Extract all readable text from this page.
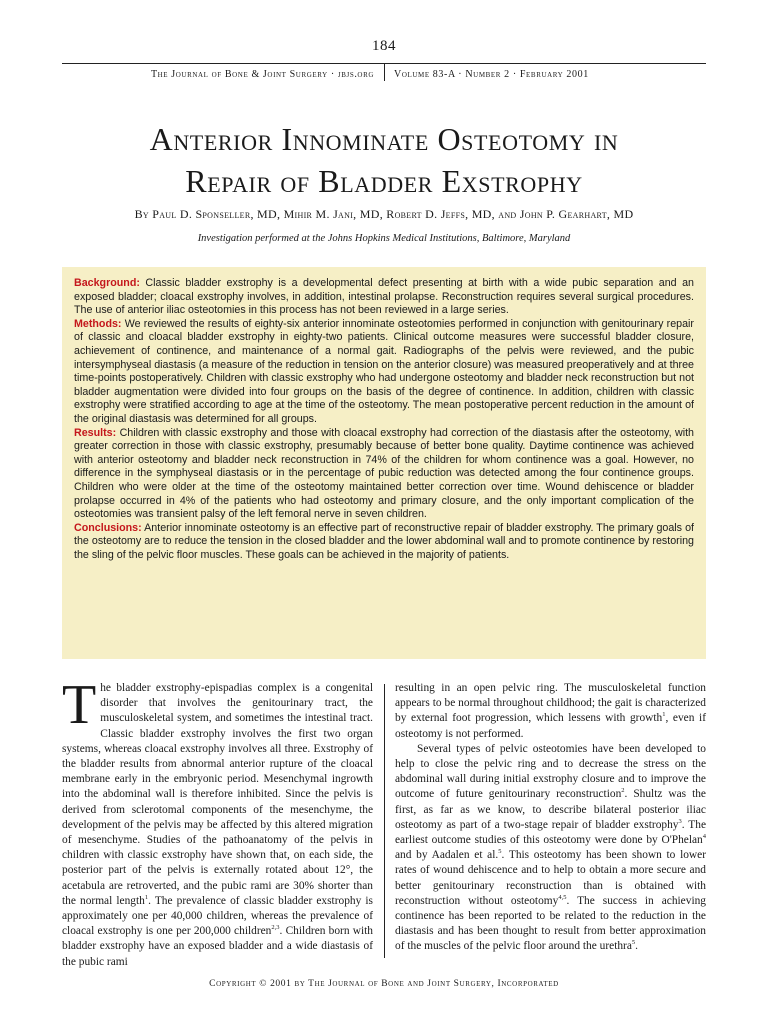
184
The Journal of Bone & Joint Surgery · jbjs.org Volume 83-A · Number 2 · February 2001
Anterior Innominate Osteotomy in
Repair of Bladder Exstrophy
By Paul D. Sponseller, MD, Mihir M. Jani, MD, Robert D. Jeffs, MD, and John P. Gearhart, MD
Investigation performed at the Johns Hopkins Medical Institutions, Baltimore, Maryland

Background: Classic bladder exstrophy is a developmental defect presenting at birth with a wide pubic separation and an exposed bladder; cloacal exstrophy involves, in addition, intestinal prolapse. Reconstruction requires several surgical procedures. The use of anterior iliac osteotomies in this process has not been reviewed in a large series.

Methods: We reviewed the results of eighty-six anterior innominate osteotomies performed in conjunction with genitourinary repair of classic and cloacal bladder exstrophy in eighty-two patients. Clinical outcome measures were successful bladder closure, achievement of continence, and maintenance of a normal gait. Radiographs of the pelvis were reviewed, and the pubic intersymphyseal diastasis (a measure of the reduction in tension on the anterior closure) was measured preoperatively and at three time-points postoperatively. Children with classic exstrophy who had undergone osteotomy and bladder neck reconstruction but not bladder augmentation were divided into four groups on the basis of the degree of continence. In addition, children with classic exstrophy were stratified according to age at the time of the osteotomy. The mean postoperative percent reduction in the amount of the original diastasis was determined for all groups.

Results: Children with classic exstrophy and those with cloacal exstrophy had correction of the diastasis after the osteotomy, with greater correction in those with classic exstrophy, presumably because of better bone quality. Daytime continence was achieved with anterior osteotomy and bladder neck reconstruction in 74% of the children for whom continence was a goal. However, no difference in the symphyseal diastasis or in the percentage of pubic reduction was detected among the four continence groups. Children who were older at the time of the osteotomy maintained better correction over time. Wound dehiscence or bladder prolapse occurred in 4% of the patients who had osteotomy and primary closure, and the only important complication of the osteotomies was transient palsy of the left femoral nerve in seven children.

Conclusions: Anterior innominate osteotomy is an effective part of reconstructive repair of bladder exstrophy. The primary goals of the osteotomy are to reduce the tension in the closed bladder and the lower abdominal wall and to promote continence by restoring the sling of the pelvic floor muscles. These goals can be achieved in the majority of patients.

The bladder exstrophy-epispadias complex is a congenital disorder that involves the genitourinary tract, the musculoskeletal system, and sometimes the intestinal tract. Classic bladder exstrophy involves the first two organ systems, whereas cloacal exstrophy involves all three. Exstrophy of the bladder results from abnormal anterior rupture of the cloacal membrane early in the embryonic period. Mesenchymal ingrowth into the abdominal wall is therefore inhibited. Since the pelvis is derived from sclerotomal components of the mesenchyme, the development of the pelvis may be affected by this altered migration of mesenchyme. Studies of the pathoanatomy of the pelvis in children with classic exstrophy have shown that, on each side, the posterior part of the pelvis is externally rotated about 12°, the acetabula are retroverted, and the pubic rami are 30% shorter than the normal length$^1$. The prevalence of classic bladder exstrophy is approximately one per 40,000 children, whereas the prevalence of cloacal exstrophy is one per 200,000 children$^{2,3}$. Children born with bladder exstrophy have an exposed bladder and a wide diastasis of the pubic rami

resulting in an open pelvic ring. The musculoskeletal function appears to be normal throughout childhood; the gait is characterized by external foot progression, which lessens with growth$^1$, even if osteotomy is not performed.

Several types of pelvic osteotomies have been developed to help to close the pelvic ring and to decrease the stress on the abdominal wall during initial exstrophy closure and to improve the outcome of future genitourinary reconstruction$^2$. Shultz was the first, as far as we know, to describe bilateral posterior iliac osteotomy as part of a two-stage repair of bladder exstrophy$^3$. The earliest outcome studies of this osteotomy were done by O'Phelan$^4$ and by Aadalen et al.$^5$. This osteotomy has been shown to lower rates of wound dehiscence and to help to obtain a more secure and better genitourinary reconstruction than is obtained with reconstruction without osteotomy$^{4,5}$. The success in achieving continence has been reported to be related to the reduction in the diastasis and has been thought to result from better approximation of the muscles of the pelvic floor around the urethra$^5$.

Copyright © 2001 by The Journal of Bone and Joint Surgery, Incorporated
